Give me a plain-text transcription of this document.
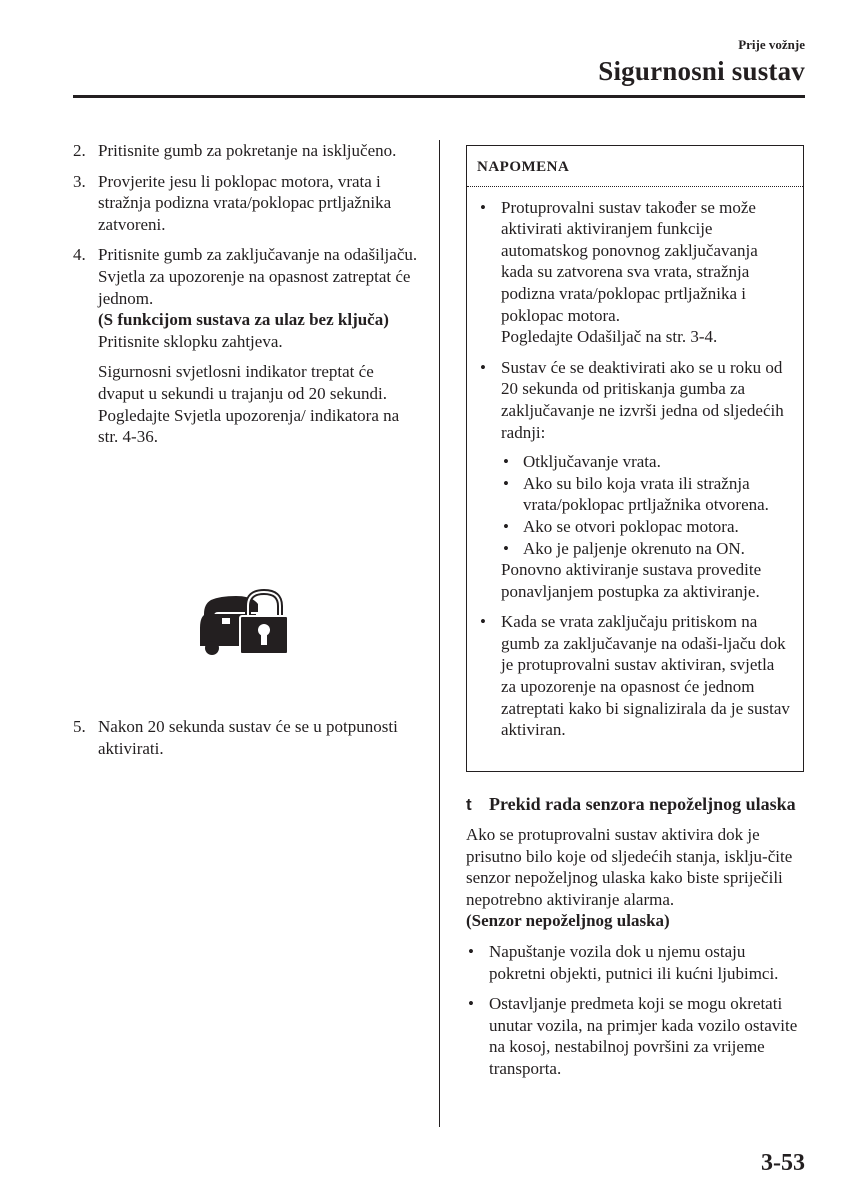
Prije vožnje
Sigurnosni sustav
2. Pritisnite gumb za pokretanje na isključeno.

3. Provjerite jesu li poklopac motora, vrata i stražnja podizna vrata/poklopac prtljažnika zatvoreni.

4. Pritisnite gumb za zaključavanje na odašiljaču.

Svjetla za upozorenje na opasnost zatreptat će jednom.

(S funkcijom sustava za ulaz bez ključa)

Pritisnite sklopku zahtjeva.

Sigurnosni svjetlosni indikator treptat će dvaput u sekundi u trajanju od 20 sekundi.

Pogledajte Svjetla upozorenja/ indikatora na str. 4-36.

5. Nakon 20 sekunda sustav će se u potpunosti aktivirati.

NAPOMENA
• Protuprovalni sustav također se može aktivirati aktiviranjem funkcije automatskog ponovnog zaključavanja kada su zatvorena sva vrata, stražnja podizna vrata/poklopac prtljažnika i poklopac motora.

Pogledajte Odašiljač na str. 3-4.

• Sustav će se deaktivirati ako se u roku od 20 sekunda od pritiskanja gumba za zaključavanje ne izvrši jedna od sljedećih radnji:

• Otključavanje vrata.
• Ako su bilo koja vrata ili stražnja vrata/poklopac prtljažnika otvorena.
• Ako se otvori poklopac motora.
• Ako je paljenje okrenuto na ON.

Ponovno aktiviranje sustava provedite ponavljanjem postupka za aktiviranje.

• Kada se vrata zaključaju pritiskom na gumb za zaključavanje na odaši-ljaču dok je protuprovalni sustav aktiviran, svjetla za upozorenje na opasnost će jednom zatreptati kako bi signalizirala da je sustav aktiviran.

t Prekid rada senzora nepoželjnog ulaska

Ako se protuprovalni sustav aktivira dok je prisutno bilo koje od sljedećih stanja, isklju-čite senzor nepoželjnog ulaska kako biste spriječili nepotrebno aktiviranje alarma.

(Senzor nepoželjnog ulaska)

• Napuštanje vozila dok u njemu ostaju pokretni objekti, putnici ili kućni ljubimci.

• Ostavljanje predmeta koji se mogu okretati unutar vozila, na primjer kada vozilo ostavite na kosoj, nestabilnoj površini za vrijeme transporta.

3-53
